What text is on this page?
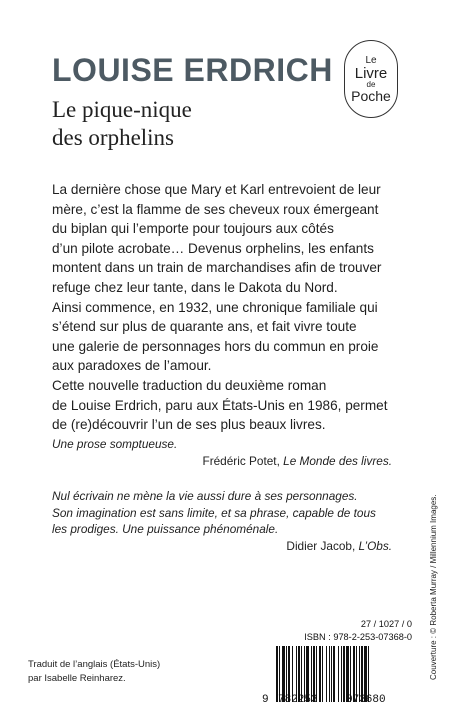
LOUISE ERDRICH
Le pique-nique
des orphelins
Le
Livre
de
Poche

La dernière chose que Mary et Karl entrevoient de leur

mère, c’est la flamme de ses cheveux roux émergeant

du biplan qui l’emporte pour toujours aux côtés

d’un pilote acrobate… Devenus orphelins, les enfants

montent dans un train de marchandises afin de trouver

refuge chez leur tante, dans le Dakota du Nord.

Ainsi commence, en 1932, une chronique familiale qui

s’étend sur plus de quarante ans, et fait vivre toute

une galerie de personnages hors du commun en proie

aux paradoxes de l’amour.

Cette nouvelle traduction du deuxième roman

de Louise Erdrich, paru aux États-Unis en 1986, permet

de (re)découvrir l’un de ses plus beaux livres.

Une prose somptueuse.
Frédéric Potet, Le Monde des livres.
Nul écrivain ne mène la vie aussi dure à ses personnages.
Son imagination est sans limite, et sa phrase, capable de tous
les prodiges. Une puissance phénoménale.
Didier Jacob, L’Obs.	Couverture : © Roberta Murray / Millennium Images.
27 / 1027 / 0
ISBN : 978-2-253-07368-0
9 782253	073680
Traduit de l’anglais (États-Unis)
par Isabelle Reinharez.
